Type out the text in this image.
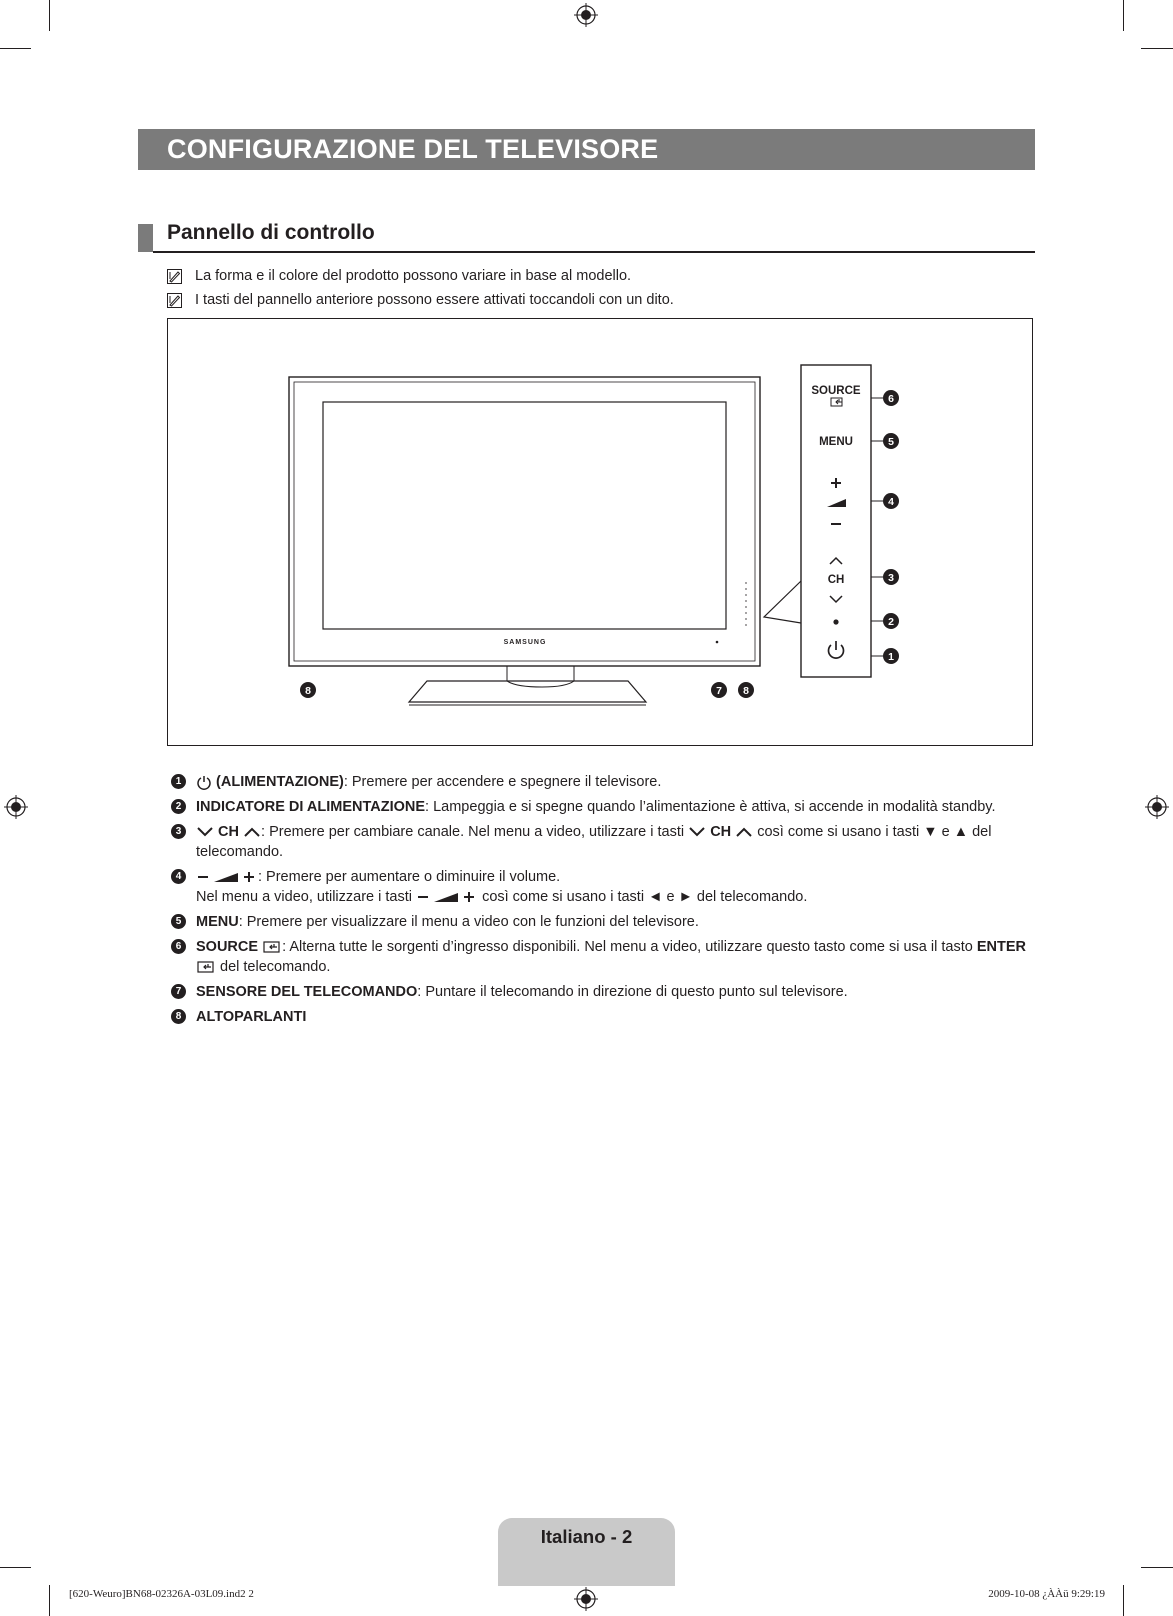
CONFIGURAZIONE DEL TELEVISORE
Pannello di controllo
La forma e il colore del prodotto possono variare in base al modello.
I tasti del pannello anteriore possono essere attivati toccandoli con un dito.
SAMSUNG
SOURCE
MENU
CH
6
5
4
3
2
1
8	7 8
1	(ALIMENTAZIONE): Premere per accendere e spegnere il televisore.
2	INDICATORE DI ALIMENTAZIONE: Lampeggia e si spegne quando l’alimentazione è attiva, si accende in modalità standby.
3	CH : Premere per cambiare canale. Nel menu a video, utilizzare i tasti CH così come si usano i tasti ▼ e ▲ del telecomando.
4	: Premere per aumentare o diminuire il volume.
Nel menu a video, utilizzare i tasti	così come si usano i tasti ◄ e ► del telecomando.
5	MENU: Premere per visualizzare il menu a video con le funzioni del televisore.
6	SOURCE : Alterna tutte le sorgenti d’ingresso disponibili. Nel menu a video, utilizzare questo tasto come si usa il tasto ENTER del telecomando.
7	SENSORE DEL TELECOMANDO: Puntare il telecomando in direzione di questo punto sul televisore.
8	ALTOPARLANTI
Italiano - 2
[620-Weuro]BN68-02326A-03L09.ind2 2	2009-10-08 ¿ÀÀü 9:29:19
